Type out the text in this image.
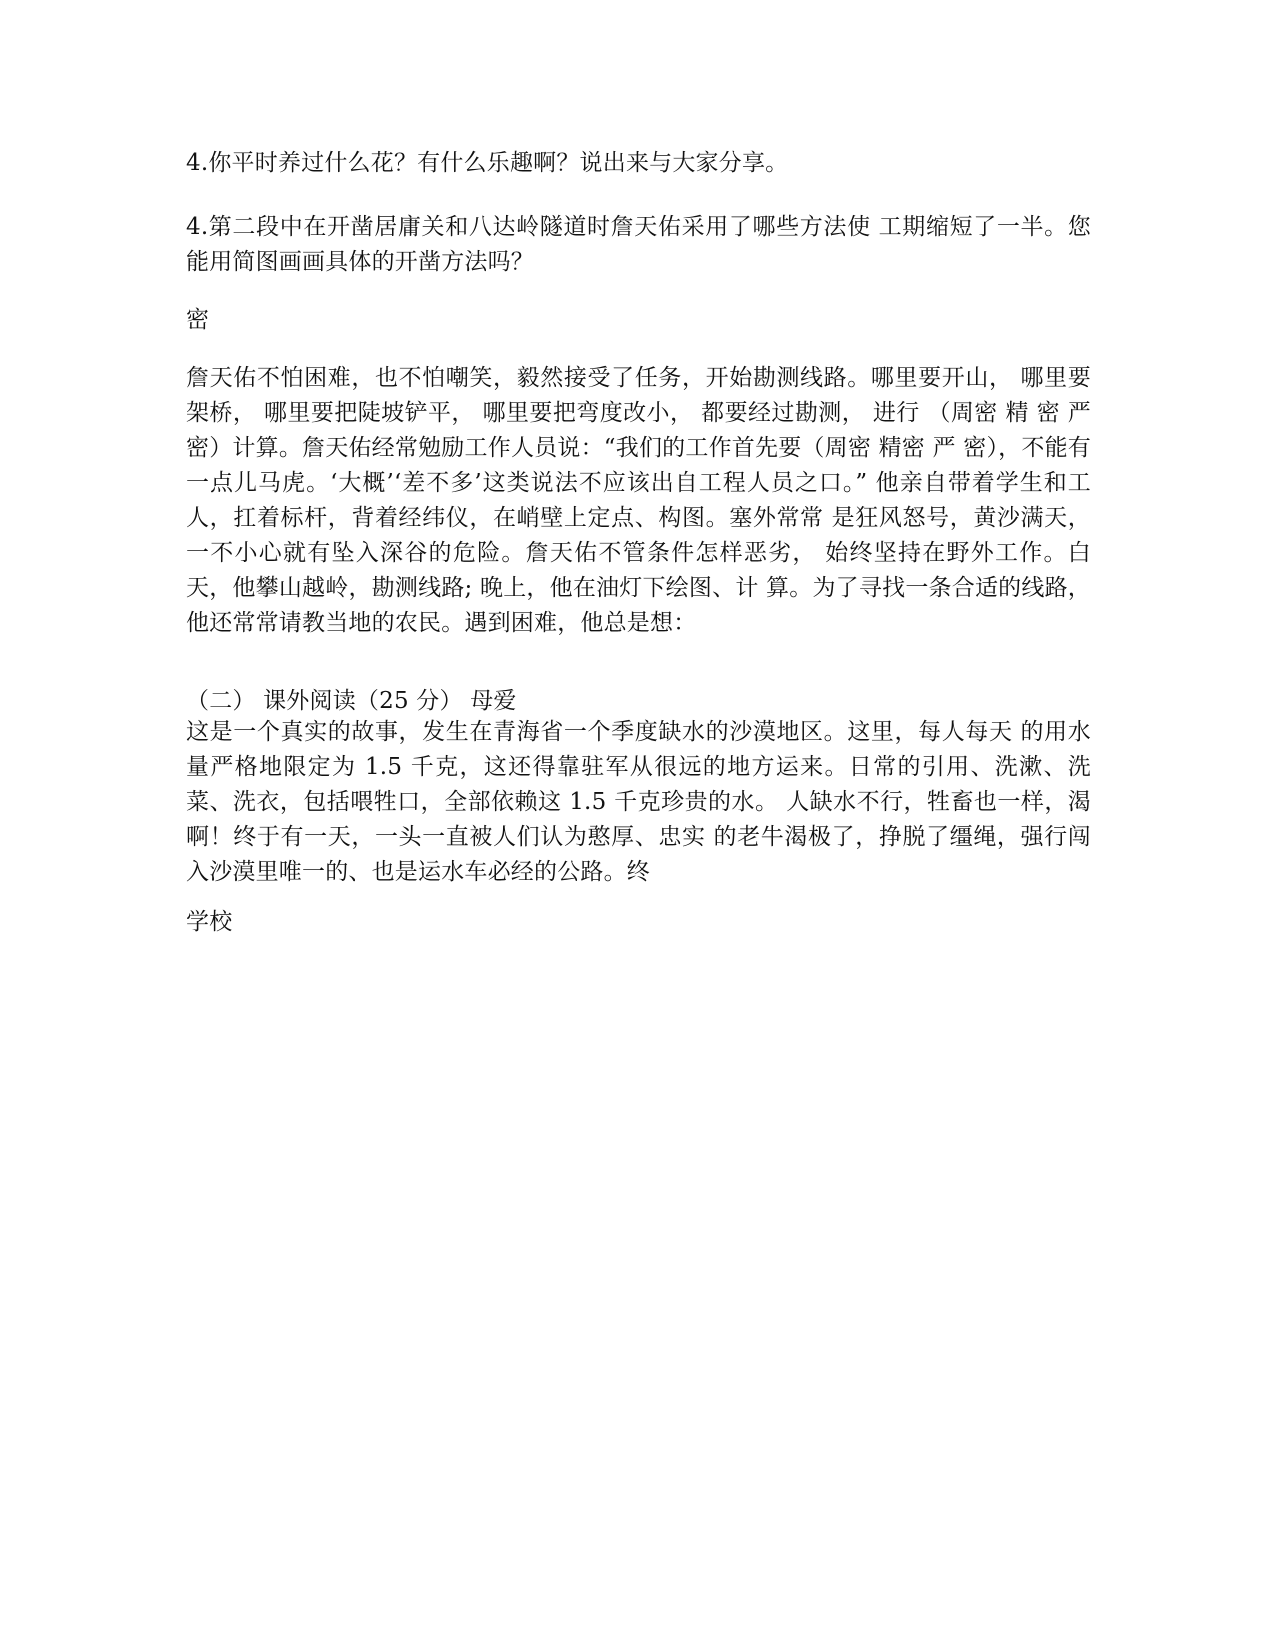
4.你平时养过什么花？有什么乐趣啊？说出来与大家分享。
4.第二段中在开凿居庸关和八达岭隧道时詹天佑采用了哪些方法使 工期缩短了一半。您能用简图画画具体的开凿方法吗？
密
詹天佑不怕困难，也不怕嘲笑，毅然接受了任务，开始勘测线路。哪里要开山， 哪里要架桥， 哪里要把陡坡铲平， 哪里要把弯度改小， 都要经过勘测， 进行 （周密 精 密 严密）计算。詹天佑经常勉励工作人员说：“我们的工作首先要（周密 精密 严 密），不能有一点儿马虎。‘大概’‘差不多’这类说法不应该出自工程人员之口。” 他亲自带着学生和工人，扛着标杆，背着经纬仪，在峭壁上定点、构图。塞外常常 是狂风怒号，黄沙满天，一不小心就有坠入深谷的危险。詹天佑不管条件怎样恶劣， 始终坚持在野外工作。白天，他攀山越岭，勘测线路; 晚上，他在油灯下绘图、计 算。为了寻找一条合适的线路，他还常常请教当地的农民。遇到困难，他总是想：
（二） 课外阅读（25 分） 母爱
这是一个真实的故事，发生在青海省一个季度缺水的沙漠地区。这里，每人每天 的用水量严格地限定为 1.5 千克，这还得靠驻军从很远的地方运来。日常的引用、洗漱、洗菜、洗衣，包括喂牲口，全部依赖这 1.5 千克珍贵的水。 人缺水不行，牲畜也一样，渴啊！终于有一天，一头一直被人们认为憨厚、忠实 的老牛渴极了，挣脱了缰绳，强行闯入沙漠里唯一的、也是运水车必经的公路。终
学校
